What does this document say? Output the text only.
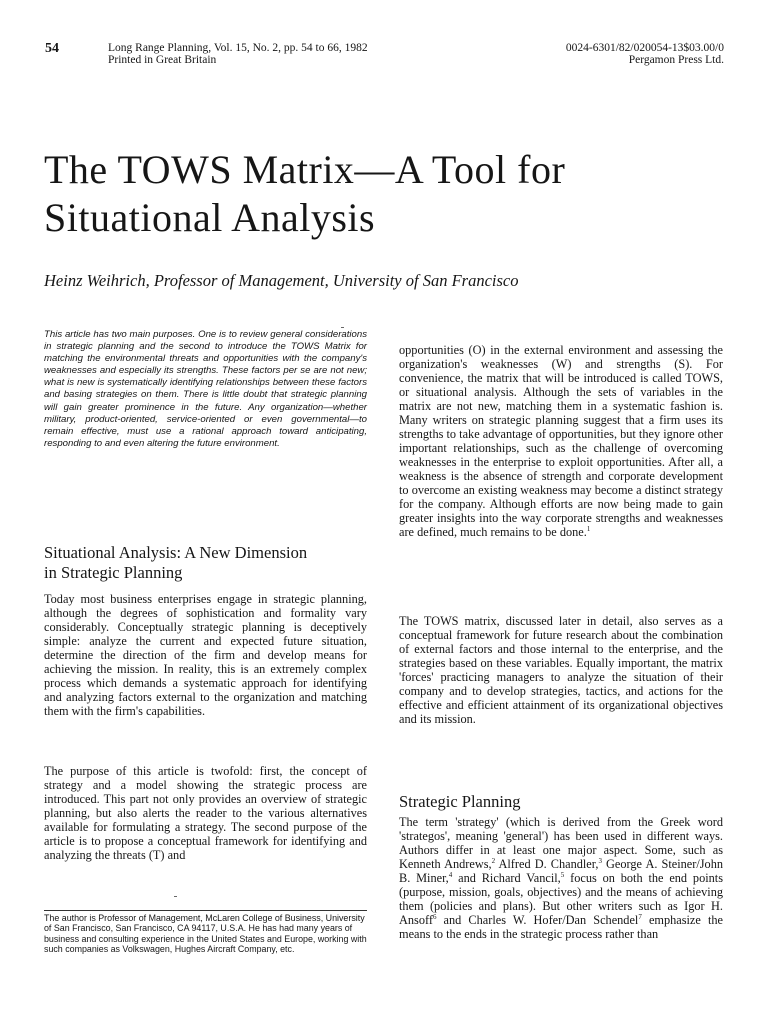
54	Long Range Planning, Vol. 15, No. 2, pp. 54 to 66, 1982
Printed in Great Britain
0024-6301/82/020054-13$03.00/0
Pergamon Press Ltd.
The TOWS Matrix—A Tool for
Situational Analysis
Heinz Weihrich, Professor of Management, University of San Francisco

This article has two main purposes. One is to review general considerations in strategic planning and the second to introduce the TOWS Matrix for matching the environmental threats and opportunities with the company's weaknesses and especially its strengths. These factors per se are not new; what is new is systematically identifying relationships between these factors and basing strategies on them. There is little doubt that strategic planning will gain greater prominence in the future. Any organization—whether military, product-oriented, service-oriented or even governmental—to remain effective, must use a rational approach toward anticipating, responding to and even altering the future environment.

Situational Analysis: A New Dimension in Strategic Planning

Today most business enterprises engage in strategic planning, although the degrees of sophistication and formality vary considerably. Conceptually strategic planning is deceptively simple: analyze the current and expected future situation, determine the direction of the firm and develop means for achieving the mission. In reality, this is an extremely complex process which demands a systematic approach for identifying and analyzing factors external to the organization and matching them with the firm's capabilities.

The purpose of this article is twofold: first, the concept of strategy and a model showing the strategic process are introduced. This part not only provides an overview of strategic planning, but also alerts the reader to the various alternatives available for formulating a strategy. The second purpose of the article is to propose a conceptual framework for identifying and analyzing the threats (T) and

The author is Professor of Management, McLaren College of Business, University of San Francisco, San Francisco, CA 94117, U.S.A. He has had many years of business and consulting experience in the United States and Europe, working with such companies as Volkswagen, Hughes Aircraft Company, etc.

opportunities (O) in the external environment and assessing the organization's weaknesses (W) and strengths (S). For convenience, the matrix that will be introduced is called TOWS, or situational analysis. Although the sets of variables in the matrix are not new, matching them in a systematic fashion is. Many writers on strategic planning suggest that a firm uses its strengths to take advantage of opportunities, but they ignore other important relationships, such as the challenge of overcoming weaknesses in the enterprise to exploit opportunities. After all, a weakness is the absence of strength and corporate development to overcome an existing weakness may become a distinct strategy for the company. Although efforts are now being made to gain greater insights into the way corporate strengths and weaknesses are defined, much remains to be done.$^1$

The TOWS matrix, discussed later in detail, also serves as a conceptual framework for future research about the combination of external factors and those internal to the enterprise, and the strategies based on these variables. Equally important, the matrix 'forces' practicing managers to analyze the situation of their company and to develop strategies, tactics, and actions for the effective and efficient attainment of its organizational objectives and its mission.

Strategic Planning

The term 'strategy' (which is derived from the Greek word 'strategos', meaning 'general') has been used in different ways. Authors differ in at least one major aspect. Some, such as Kenneth Andrews,$^2$ Alfred D. Chandler,$^3$ George A. Steiner/John B. Miner,$^4$ and Richard Vancil,$^5$ focus on both the end points (purpose, mission, goals, objectives) and the means of achieving them (policies and plans). But other writers such as Igor H. Ansoff$^6$ and Charles W. Hofer/Dan Schendel$^7$ emphasize the means to the ends in the strategic process rather than
